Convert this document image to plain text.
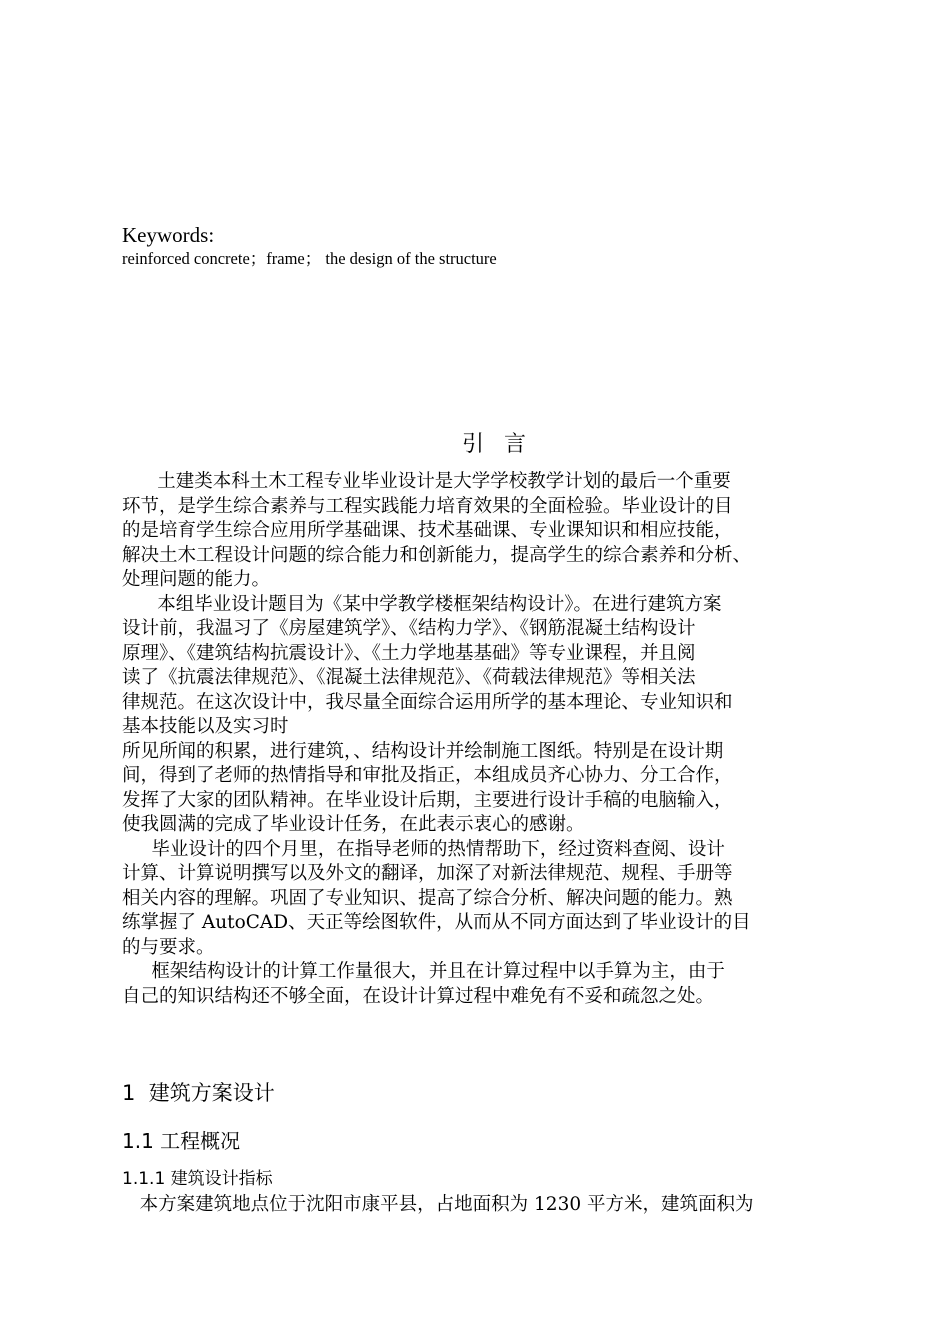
Keywords:
reinforced concrete；frame； the design of the structure
引  言
土建类本科土木工程专业毕业设计是大学学校教学计划的最后一个重要
环节，是学生综合素养与工程实践能力培育效果的全面检验。毕业设计的目
的是培育学生综合应用所学基础课、技术基础课、专业课知识和相应技能，
解决土木工程设计问题的综合能力和创新能力，提高学生的综合素养和分析、
处理问题的能力。
本组毕业设计题目为《某中学教学楼框架结构设计》。在进行建筑方案
设计前，我温习了《房屋建筑学》、《结构力学》、《钢筋混凝土结构设计
原理》、《建筑结构抗震设计》、《土力学地基基础》等专业课程，并且阅
读了《抗震法律规范》、《混凝土法律规范》、《荷载法律规范》等相关法
律规范。在这次设计中，我尽量全面综合运用所学的基本理论、专业知识和
基本技能以及实习时
所见所闻的积累，进行建筑，、结构设计并绘制施工图纸。特别是在设计期
间，得到了老师的热情指导和审批及指正，本组成员齐心协力、分工合作，
发挥了大家的团队精神。在毕业设计后期，主要进行设计手稿的电脑输入，
使我圆满的完成了毕业设计任务，在此表示衷心的感谢。
毕业设计的四个月里，在指导老师的热情帮助下，经过资料查阅、设计
计算、计算说明撰写以及外文的翻译，加深了对新法律规范、规程、手册等
相关内容的理解。巩固了专业知识、提高了综合分析、解决问题的能力。熟
练掌握了 AutoCAD、天正等绘图软件，从而从不同方面达到了毕业设计的目
的与要求。
框架结构设计的计算工作量很大，并且在计算过程中以手算为主，由于
自己的知识结构还不够全面，在设计计算过程中难免有不妥和疏忽之处。
1  建筑方案设计
1.1 工程概况
1.1.1 建筑设计指标
本方案建筑地点位于沈阳市康平县，占地面积为 1230 平方米，建筑面积为
